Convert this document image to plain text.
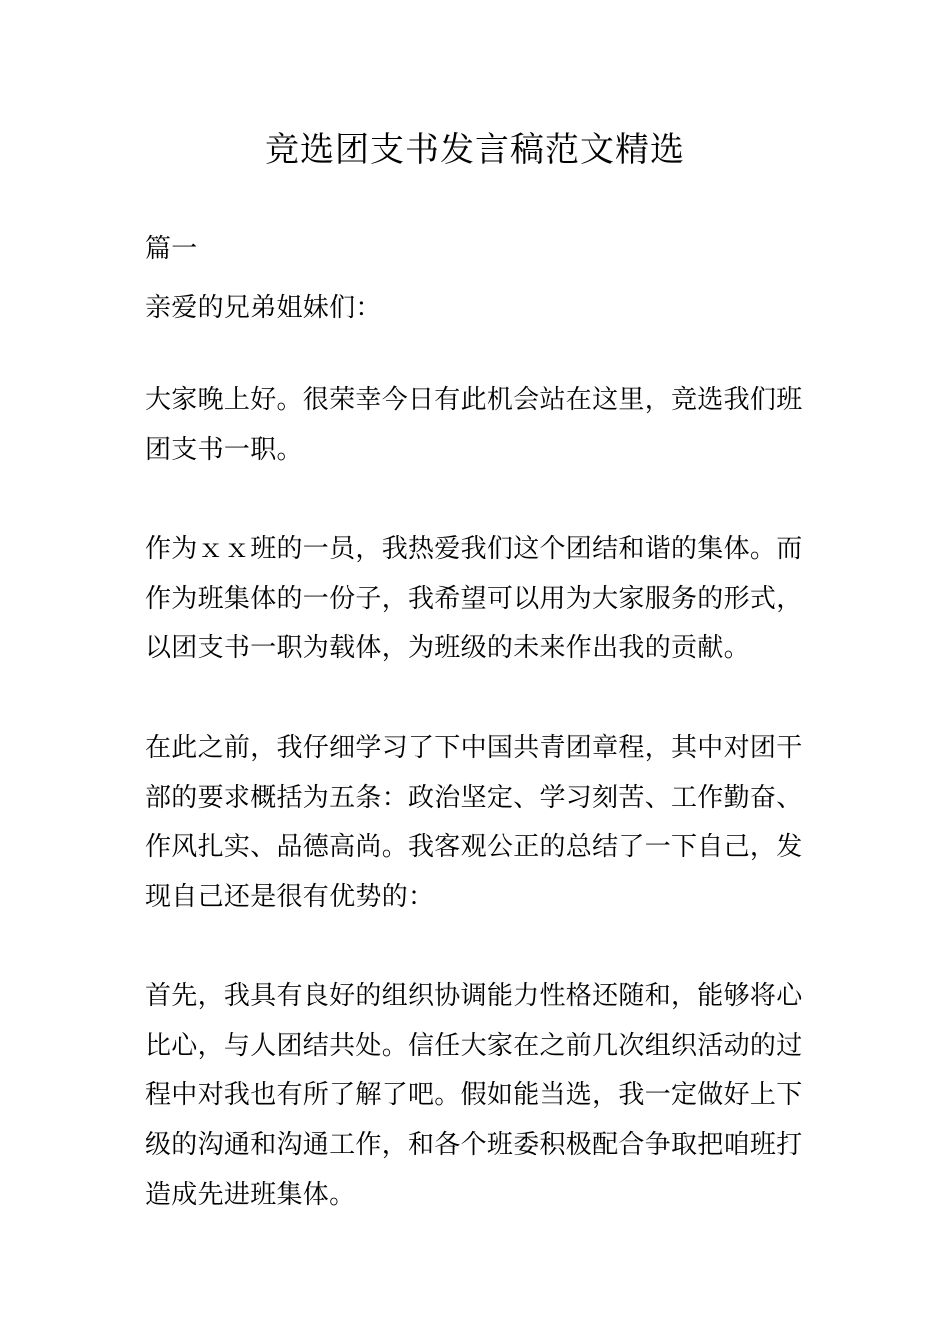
竞选团支书发言稿范文精选

篇一

亲爱的兄弟姐妹们：

大家晚上好。很荣幸今日有此机会站在这里，竞选我们班团支书一职。

作为ｘｘ班的一员，我热爱我们这个团结和谐的集体。而作为班集体的一份子，我希望可以用为大家服务的形式，以团支书一职为载体，为班级的未来作出我的贡献。

在此之前，我仔细学习了下中国共青团章程，其中对团干部的要求概括为五条：政治坚定、学习刻苦、工作勤奋、作风扎实、品德高尚。我客观公正的总结了一下自己，发现自己还是很有优势的：

首先，我具有良好的组织协调能力性格还随和，能够将心比心，与人团结共处。信任大家在之前几次组织活动的过程中对我也有所了解了吧。假如能当选，我一定做好上下级的沟通和沟通工作，和各个班委积极配合争取把咱班打造成先进班集体。
